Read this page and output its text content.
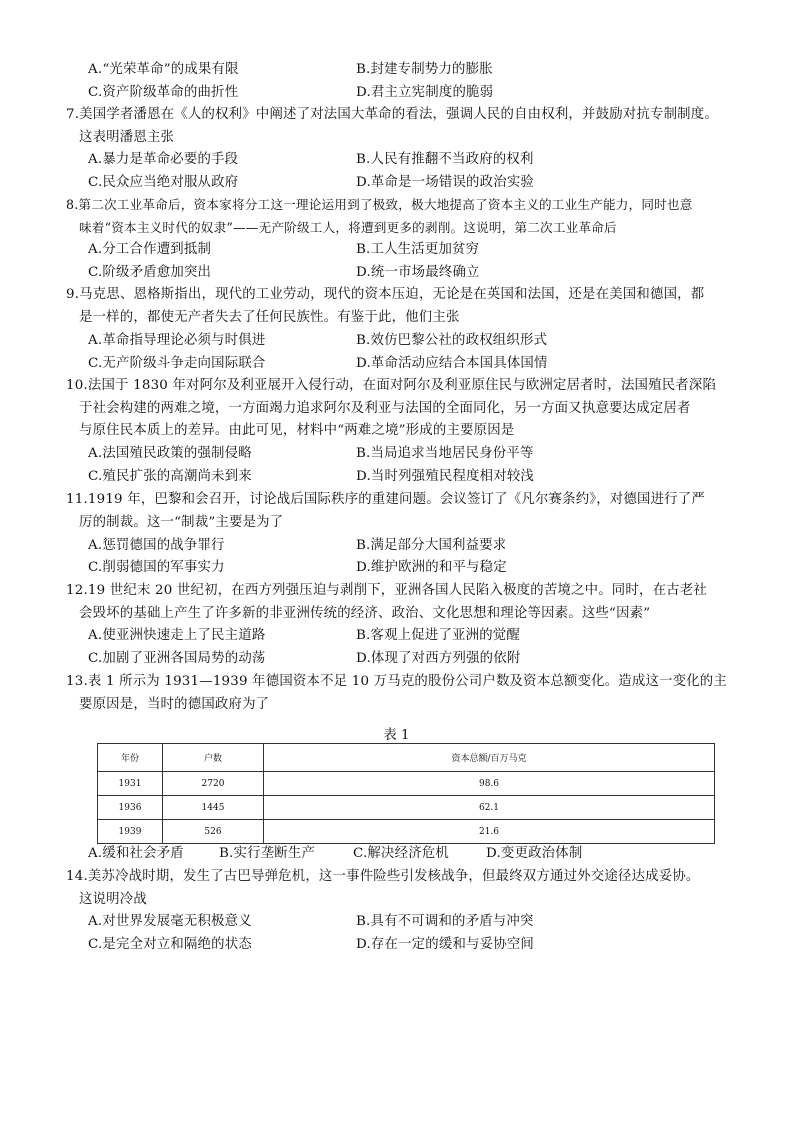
A.“光荣革命”的成果有限	B.封建专制势力的膨胀
C.资产阶级革命的曲折性	D.君主立宪制度的脆弱
7.美国学者潘恩在《人的权利》中阐述了对法国大革命的看法，强调人民的自由权利，并鼓励对抗专制制度。
这表明潘恩主张
A.暴力是革命必要的手段	B.人民有推翻不当政府的权利
C.民众应当绝对服从政府	D.革命是一场错误的政治实验
8.第二次工业革命后，资本家将分工这一理论运用到了极致，极大地提高了资本主义的工业生产能力，同时也意
味着“资本主义时代的奴隶”——无产阶级工人，将遭到更多的剥削。这说明，第二次工业革命后
A.分工合作遭到抵制	B.工人生活更加贫穷
C.阶级矛盾愈加突出	D.统一市场最终确立
9.马克思、恩格斯指出，现代的工业劳动，现代的资本压迫，无论是在英国和法国，还是在美国和德国，都
是一样的，都使无产者失去了任何民族性。有鉴于此，他们主张
A.革命指导理论必须与时俱进	B.效仿巴黎公社的政权组织形式
C.无产阶级斗争走向国际联合	D.革命活动应结合本国具体国情
10.法国于 1830 年对阿尔及利亚展开入侵行动，在面对阿尔及利亚原住民与欧洲定居者时，法国殖民者深陷
于社会构建的两难之境，一方面竭力追求阿尔及利亚与法国的全面同化，另一方面又执意要达成定居者
与原住民本质上的差异。由此可见，材料中“两难之境”形成的主要原因是
A.法国殖民政策的强制侵略	B.当局追求当地居民身份平等
C.殖民扩张的高潮尚未到来	D.当时列强殖民程度相对较浅
11.1919 年，巴黎和会召开，讨论战后国际秩序的重建问题。会议签订了《凡尔赛条约》，对德国进行了严
厉的制裁。这一“制裁”主要是为了
A.惩罚德国的战争罪行	B.满足部分大国利益要求
C.削弱德国的军事实力	D.维护欧洲的和平与稳定
12.19 世纪末 20 世纪初，在西方列强压迫与剥削下，亚洲各国人民陷入极度的苦境之中。同时，在古老社
会毁坏的基础上产生了许多新的非亚洲传统的经济、政治、文化思想和理论等因素。这些“因素”
A.使亚洲快速走上了民主道路	B.客观上促进了亚洲的觉醒
C.加剧了亚洲各国局势的动荡	D.体现了对西方列强的依附
13.表 1 所示为 1931—1939 年德国资本不足 10 万马克的股份公司户数及资本总额变化。造成这一变化的主
要原因是，当时的德国政府为了
表 1
年份	户数	资本总额/百万马克
1931	2720	98.6
1936	1445	62.1
1939	526	21.6
A.缓和社会矛盾	B.实行垄断生产	C.解决经济危机	D.变更政治体制
14.美苏冷战时期，发生了古巴导弹危机，这一事件险些引发核战争，但最终双方通过外交途径达成妥协。
这说明冷战
A.对世界发展毫无积极意义	B.具有不可调和的矛盾与冲突
C.是完全对立和隔绝的状态	D.存在一定的缓和与妥协空间
